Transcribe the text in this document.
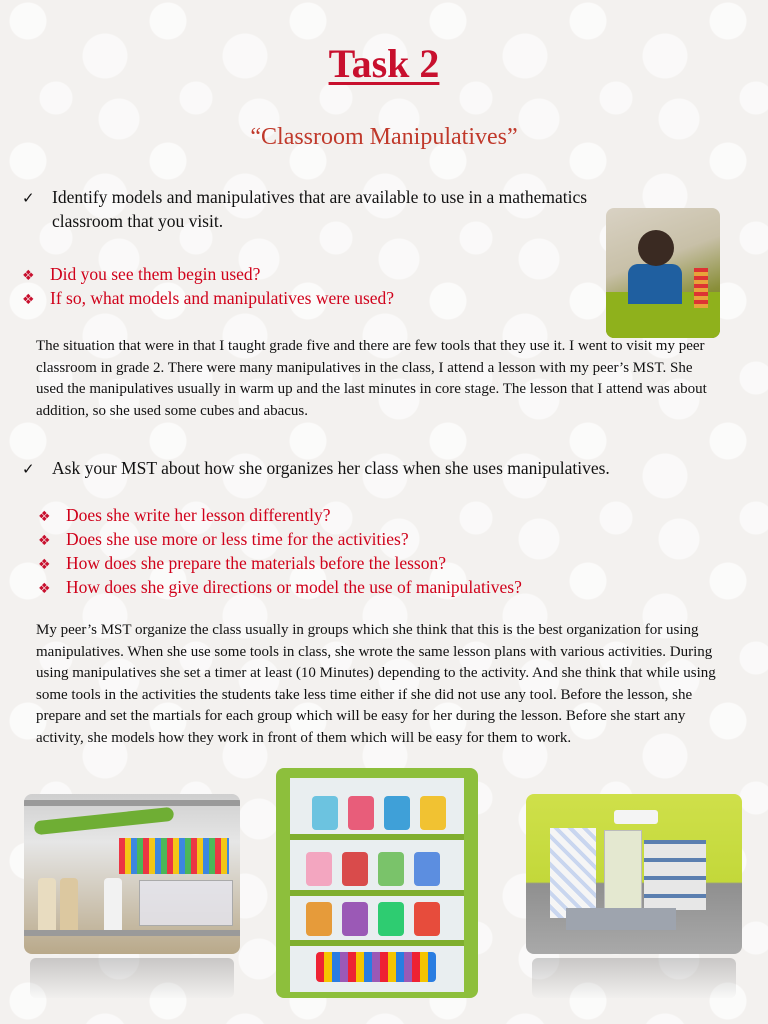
Task 2
“Classroom Manipulatives”
✓ Identify models and manipulatives that are available to use in a mathematics classroom that you visit.
❖ Did you see them begin used?
❖ If so, what models and manipulatives were used?
The situation that were in that I taught grade five and there are few tools that they use it. I went to visit my peer classroom in grade 2. There were many manipulatives in the class, I attend a lesson with my peer’s MST. She used the manipulatives usually in warm up and the last minutes in core stage. The lesson that I attend was about addition, so she used some cubes and abacus.
✓ Ask your MST about how she organizes her class when she uses manipulatives.
❖ Does she write her lesson differently?
❖ Does she use more or less time for the activities?
❖ How does she prepare the materials before the lesson?
❖ How does she give directions or model the use of manipulatives?
My peer’s MST organize the class usually in groups which she think that this is the best organization for using manipulatives. When she use some tools in class, she wrote the same lesson plans with various activities. During using manipulatives she set a timer at least (10 Minutes) depending to the activity. And she think that while using some tools in the activities the students take less time either if she did not use any tool. Before the lesson, she prepare and set the martials for each group which will be easy for her during the lesson. Before she start any activity, she models how they work in front of them which will be easy for them to work.
